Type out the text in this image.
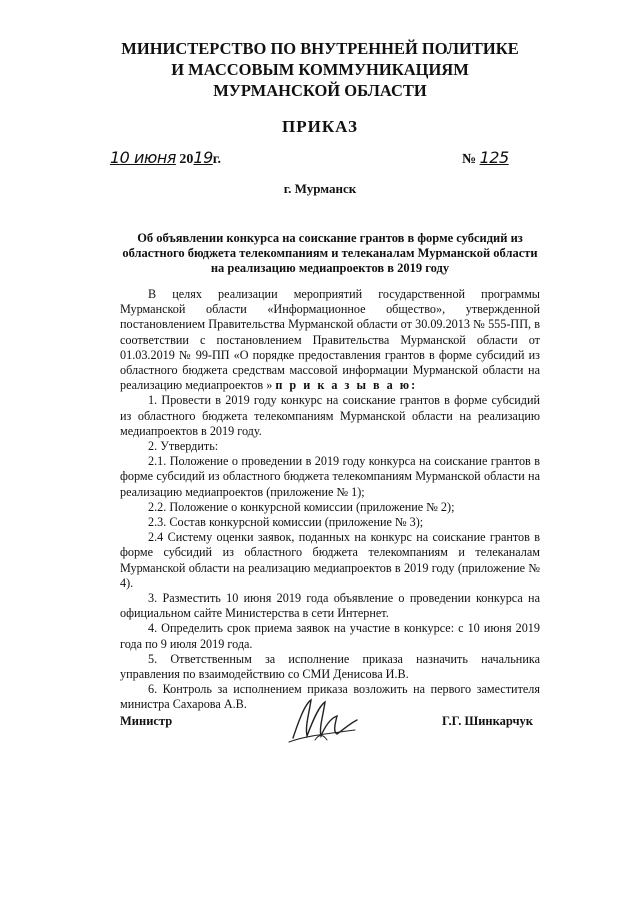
МИНИСТЕРСТВО ПО ВНУТРЕННЕЙ ПОЛИТИКЕ
И МАССОВЫМ КОММУНИКАЦИЯМ
МУРМАНСКОЙ ОБЛАСТИ
ПРИКАЗ
10 июня 2019г.	№ 125
г. Мурманск
Об объявлении конкурса на соискание грантов в форме субсидий из областного бюджета телекомпаниям и телеканалам Мурманской области на реализацию медиапроектов в 2019 году

В целях реализации мероприятий государственной программы Мурманской области «Информационное общество», утвержденной постановлением Правительства Мурманской области от 30.09.2013 № 555-ПП, в соответствии с постановлением Правительства Мурманской области от 01.03.2019 № 99-ПП «О порядке предоставления грантов в форме субсидий из областного бюджета средствам массовой информации Мурманской области на реализацию медиапроектов » п р и к а з ы в а ю:

1. Провести в 2019 году конкурс на соискание грантов в форме субсидий из областного бюджета телекомпаниям Мурманской области на реализацию медиапроектов в 2019 году.

2. Утвердить:

2.1. Положение о проведении в 2019 году конкурса на соискание грантов в форме субсидий из областного бюджета телекомпаниям Мурманской области на реализацию медиапроектов (приложение № 1);

2.2. Положение о конкурсной комиссии (приложение № 2);

2.3. Состав конкурсной комиссии (приложение № 3);

2.4 Систему оценки заявок, поданных на конкурс на соискание грантов в форме субсидий из областного бюджета телекомпаниям и телеканалам Мурманской области на реализацию медиапроектов в 2019 году (приложение № 4).

3. Разместить 10 июня 2019 года объявление о проведении конкурса на официальном сайте Министерства в сети Интернет.

4. Определить срок приема заявок на участие в конкурсе: с 10 июня 2019 года по 9 июля 2019 года.

5. Ответственным за исполнение приказа назначить начальника управления по взаимодействию со СМИ Денисова И.В.

6. Контроль за исполнением приказа возложить на первого заместителя министра Сахарова А.В.

Министр	Г.Г. Шинкарчук
